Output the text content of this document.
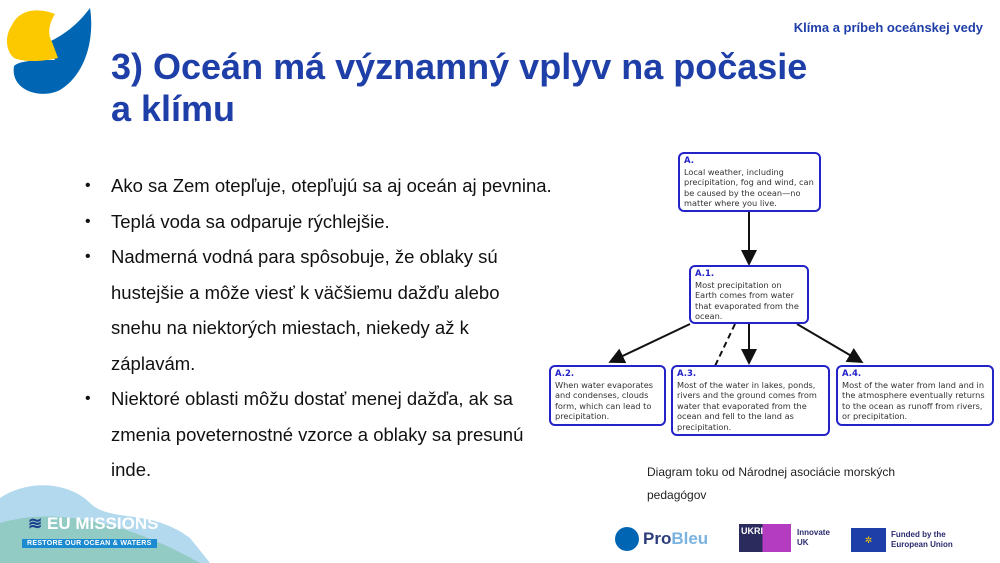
Klíma a príbeh oceánskej vedy
3) Oceán má významný vplyv na počasie
a klímu
• Ako sa Zem otepľuje, otepľujú sa aj oceán aj pevnina.
• Teplá voda sa odparuje rýchlejšie.
• Nadmerná vodná para spôsobuje, že oblaky sú hustejšie a môže viesť k väčšiemu dažďu alebo snehu na niektorých miestach, niekedy až k záplavám.
• Niektoré oblasti môžu dostať menej dažďa, ak sa zmenia poveternostné vzorce a oblaky sa presunú inde.
A.
Local weather, including precipitation, fog and wind, can be caused by the ocean—no matter where you live.
A.1.
Most precipitation on Earth comes from water that evaporated from the ocean.
A.2.
When water evaporates and condenses, clouds form, which can lead to precipitation.
A.3.
Most of the water in lakes, ponds, rivers and the ground comes from water that evaporated from the ocean and fell to the land as precipitation.
A.4.
Most of the water from land and in the atmosphere eventually returns to the ocean as runoff from rivers, or precipitation.
Diagram toku od Národnej asociácie morských pedagógov
≋ EU MISSIONS
RESTORE OUR OCEAN & WATERS	ProBleu	UKRI	Innovate UK	✲
Funded by the European Union
